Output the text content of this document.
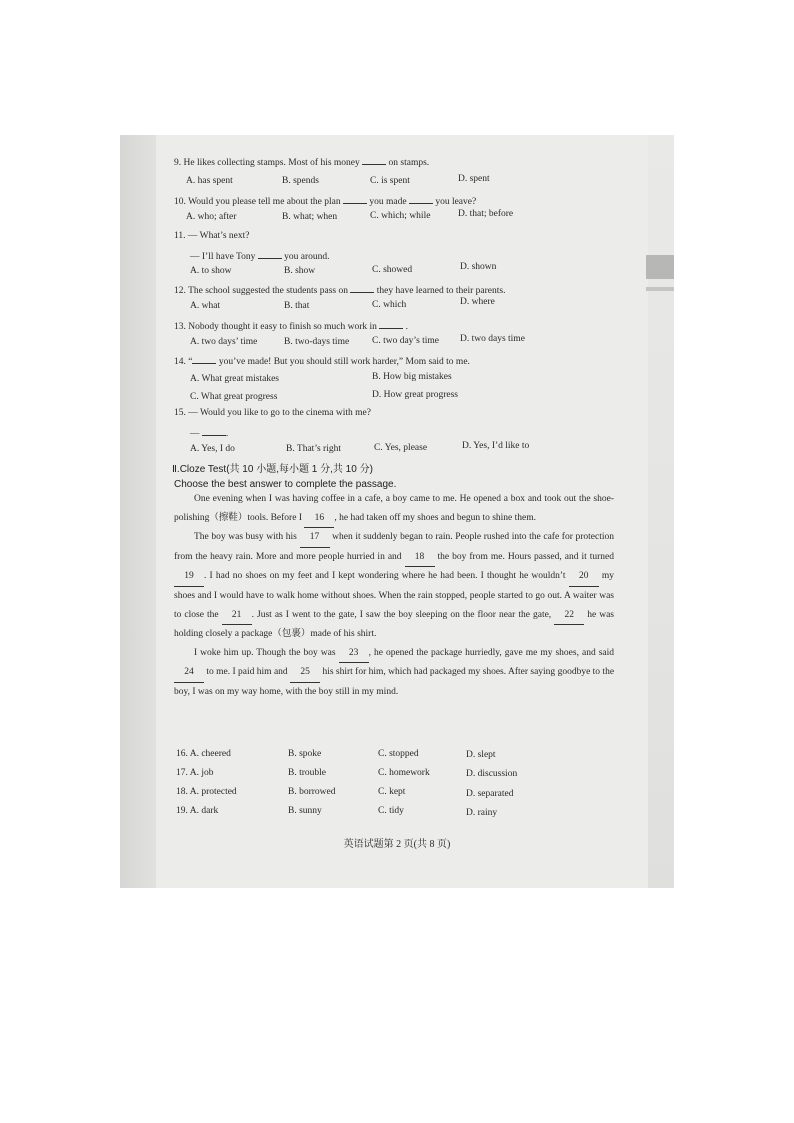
9. He likes collecting stamps. Most of his money	on stamps.
A. has spent	B. spends	C. is spent	D. spent
10. Would you please tell me about the plan	you made	you leave?
A. who; after	B. what; when	C. which; while	D. that; before
11. — What’s next?
— I’ll have Tony	you around.
A. to show	B. show	C. showed	D. shown
12. The school suggested the students pass on	they have learned to their parents.
A. what	B. that	C. which	D. where
13. Nobody thought it easy to finish so much work in	.
A. two days’ time	B. two-days time C. two day’s time D. two days time
14. “	you’ve made! But you should still work harder,” Mom said to me.
A. What great mistakes	B. How big mistakes
C. What great progress	D. How great progress
15. — Would you like to go to the cinema with me?
—	.
A. Yes, I do	B. That’s right	C. Yes, please	D. Yes, I’d like to
Ⅱ.Cloze Test(共 10 小题,每小题 1 分,共 10 分)
Choose the best answer to complete the passage.
One evening when I was having coffee in a cafe, a boy came to me. He opened a box and took out the shoe-polishing（擦鞋）tools. Before I 16 , he had taken off my shoes and begun to shine them.
The boy was busy with his 17 when it suddenly began to rain. People rushed into the cafe for protection from the heavy rain. More and more people hurried in and 18 the boy from me. Hours passed, and it turned 19 . I had no shoes on my feet and I kept wondering where he had been. I thought he wouldn’t 20 my shoes and I would have to walk home without shoes. When the rain stopped, people started to go out. A waiter was to close the 21 . Just as I went to the gate, I saw the boy sleeping on the floor near the gate, 22 he was holding closely a package（包裹）made of his shirt.
I woke him up. Though the boy was 23 , he opened the package hurriedly, gave me my shoes, and said 24 to me. I paid him and 25 his shirt for him, which had packaged my shoes. After saying goodbye to the boy, I was on my way home, with the boy still in my mind.
16. A. cheered	B. spoke	C. stopped	D. slept
17. A. job	B. trouble	C. homework	D. discussion
18. A. protected	B. borrowed	C. kept	D. separated
19. A. dark	B. sunny	C. tidy	D. rainy
英语试题第 2 页(共 8 页)
